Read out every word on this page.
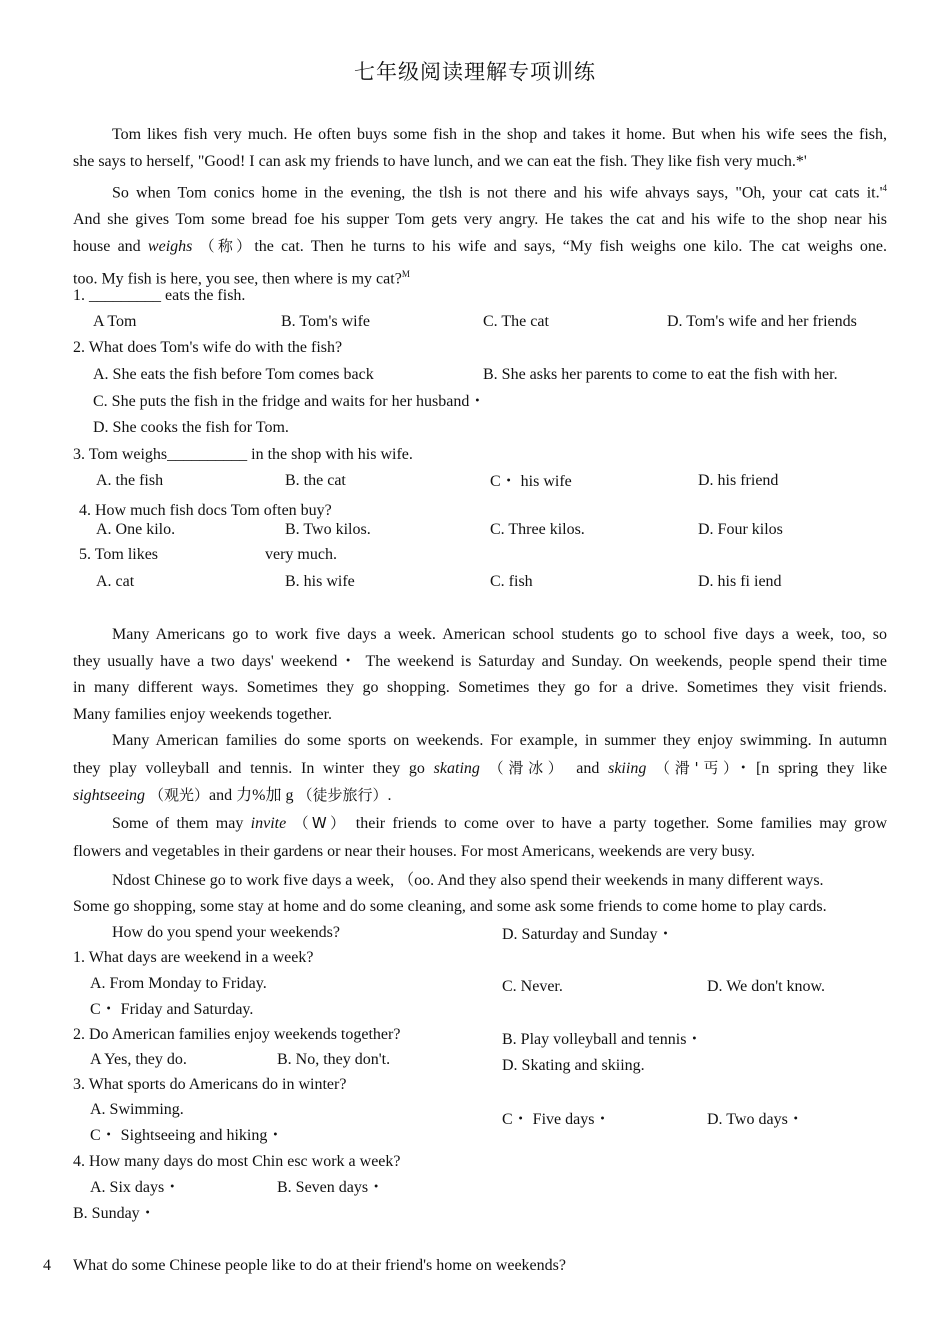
七年级阅读理解专项训练
Tom likes fish very much. He often buys some fish in the shop and takes it home. But when his wife sees the fish,
she says to herself, "Good! I can ask my friends to have lunch, and we can eat the fish. They like fish very much.*'
So when Tom conics home in the evening, the tlsh is not there and his wife ahvays says, "Oh, your cat cats $it.'^4$
And she gives Tom some bread foe his supper Tom gets very angry. He takes the cat and his wife to the shop near his
house and weighs （称）the cat. Then he turns to his wife and says, “My fish weighs one kilo. The cat weighs one.
too. My fish is here, you see, then where is my cat?$^M$
1. _________ eats the fish.
A Tom	B. Tom's wife	C. The cat	D. Tom's wife and her friends
2. What does Tom's wife do with the fish?
A. She eats the fish before Tom comes back	B. She asks her parents to come to eat the fish with her.
C. She puts the fish in the fridge and waits for her husband・
D. She cooks the fish for Tom.
3. Tom weighs__________ in the shop with his wife.
A. the fish	B. the cat	C・ his wife	D. his friend
4. How much fish docs Tom often buy?
A. One kilo.	B. Two kilos.	C. Three kilos.	D. Four kilos
5. Tom likes	very much.
A. cat	B. his wife	C. fish	D. his fi iend
Many Americans go to work five days a week. American school students go to school five days a week, too, so
they usually have a two days' weekend・ The weekend is Saturday and Sunday. On weekends, people spend their time
in many different ways. Sometimes they go shopping. Sometimes they go for a drive. Sometimes they visit friends.
Many families enjoy weekends together.
Many American families do some sports on weekends. For example, in summer they enjoy swimming. In autumn
they play volleyball and tennis. In winter they go skating （滑冰） and skiing （滑'丐）・[n spring they like
sightseeing （观光）and 力%加 g （徒步旅行）.
Some of them may invite （W） their friends to come over to have a party together. Some families may grow
flowers and vegetables in their gardens or near their houses. For most Americans, weekends are very busy.
Ndost Chinese go to work five days a week, （oo. And they also spend their weekends in many different ways.
Some go shopping, some stay at home and do some cleaning, and some ask some friends to come home to play cards.
How do you spend your weekends?
1. What days are weekend in a week?
A. From Monday to Friday.
C・ Friday and Saturday.
2. Do American families enjoy weekends together?
A Yes, they do.	B. No, they don't.
3. What sports do Americans do in winter?
A. Swimming.
C・ Sightseeing and hiking・
4. How many days do most Chin esc work a week?
A. Six days・	B. Seven days・
B. Sunday・
D. Saturday and Sunday・
C. Never.	D. We don't know.
B. Play volleyball and tennis・
D. Skating and skiing.
C・ Five days・	D. Two days・
4 What do some Chinese people like to do at their friend's home on weekends?
